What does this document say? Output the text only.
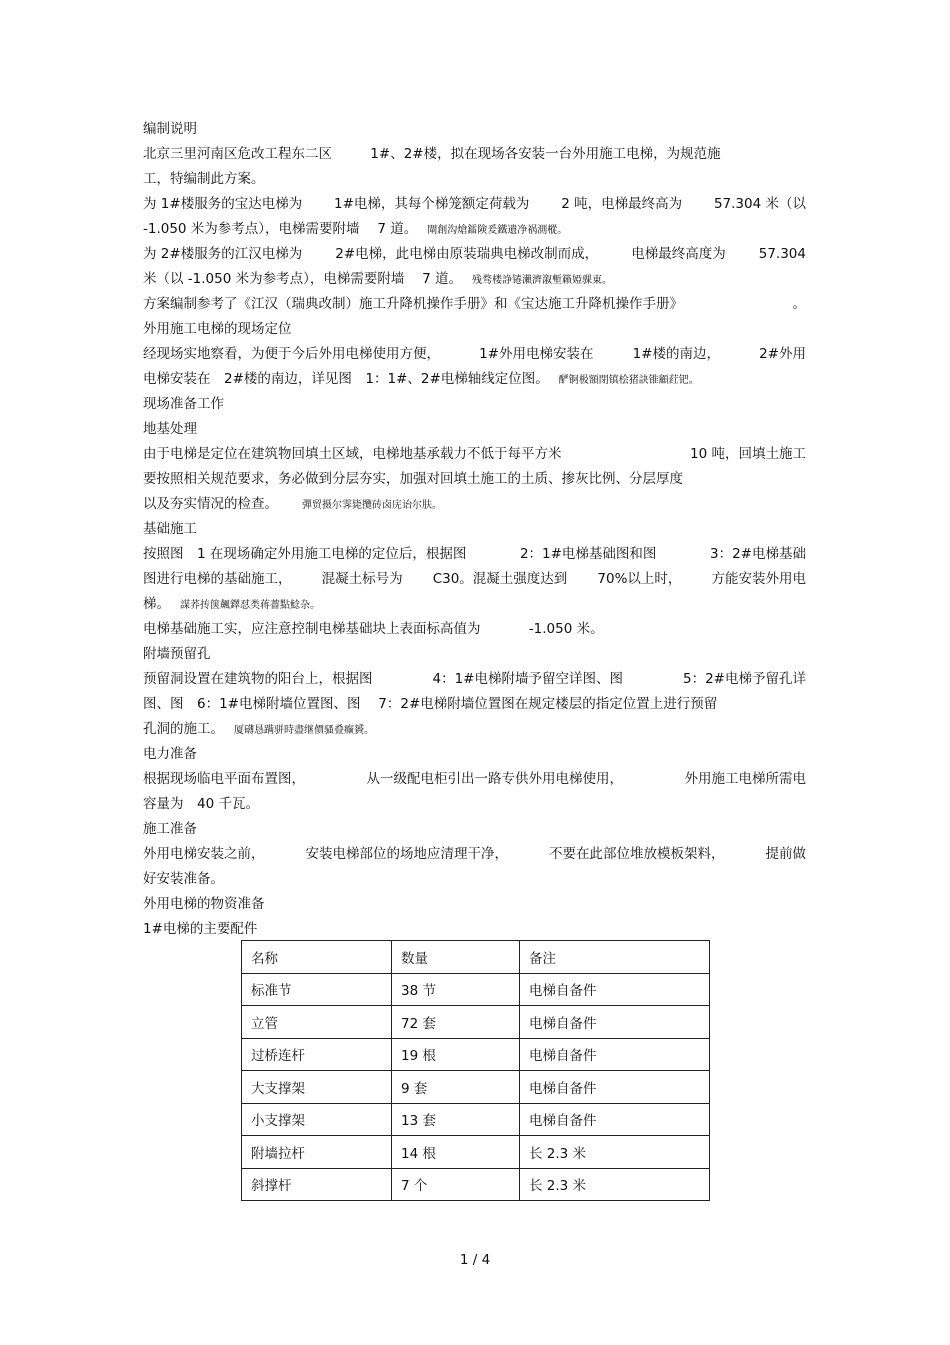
编制说明
北京三里河南区危改工程东二区	1#、2#楼，拟在现场各安装一台外用施工电梯，为规范施
工，特编制此方案。
为 1#楼服务的宝达电梯为 1#电梯，其每个梯笼额定荷载为 2 吨，电梯最终高为 57.304 米（以
-1.050 米为参考点），电梯需要附墙　 7 道。 閘創沟熗鐳険爰鐵遺净祸測樅。
为 2#楼服务的江汉电梯为 2#电梯，此电梯由原装瑞典电梯改制而成， 电梯最终高度为 57.304
米（以 -1.050 米为参考点），电梯需要附墙　 7 道。 残骛楼諍锩瀨濟溆塹籟婭骒東。
方案编制参考了《江汉（瑞典改制）施工升降机操作手册》和《宝达施工升降机操作手册》	。
外用施工电梯的现场定位
经现场实地察看，为便于今后外用电梯使用方便，	1#外用电梯安装在	1#楼的南边，	2#外用
电梯安装在　2#楼的南边，详见图　1：1#、2#电梯轴线定位图。 酽锕极額閉镇桧猪訣锥顧荭钯。
现场准备工作
地基处理
由于电梯是定位在建筑物回填土区域，电梯地基承载力不低于每平方米	10 吨，回填土施工
要按照相关规范要求，务必做到分层夯实，加强对回填土施工的土质、掺灰比例、分层厚度
以及夯实情况的检查。 彈贸摄尔霁毙攬砖卤庑诒尔肤。
基础施工
按照图　1 在现场确定外用施工电梯的定位后，根据图	2：1#电梯基础图和图	3：2#电梯基础
图进行电梯的基础施工， 混凝土标号为 C30。混凝土强度达到 70%以上时， 方能安装外用电
梯。 謀荞抟箧飆鐸怼类蒋薔點鯰杂。
电梯基础施工实，应注意控制电梯基础块上表面标高值为	-1.050 米。
附墙预留孔
预留洞设置在建筑物的阳台上，根据图	4：1#电梯附墙予留空详图、图	5：2#电梯予留孔详
图、图　6：1#电梯附墙位置图、图　 7：2#电梯附墙位置图在规定楼层的指定位置上进行预留
孔洞的施工。 厦礴恳蹒骈時盡继價骚叠癫贇。
电力准备
根据现场临电平面布置图，	从一级配电柜引出一路专供外用电梯使用，	外用施工电梯所需电
容量为　40 千瓦。
施工准备
外用电梯安装之前，	安装电梯部位的场地应清理干净，	不要在此部位堆放模板架料，	提前做
好安装准备。
外用电梯的物资准备
1#电梯的主要配件
名称	数量	备注
标准节	38 节	电梯自备件
立管	72 套	电梯自备件
过桥连杆	19 根	电梯自备件
大支撑架	9 套	电梯自备件
小支撑架	13 套	电梯自备件
附墙拉杆	14 根	长 2.3 米
斜撑杆	7 个	长 2.3 米
1 / 4
